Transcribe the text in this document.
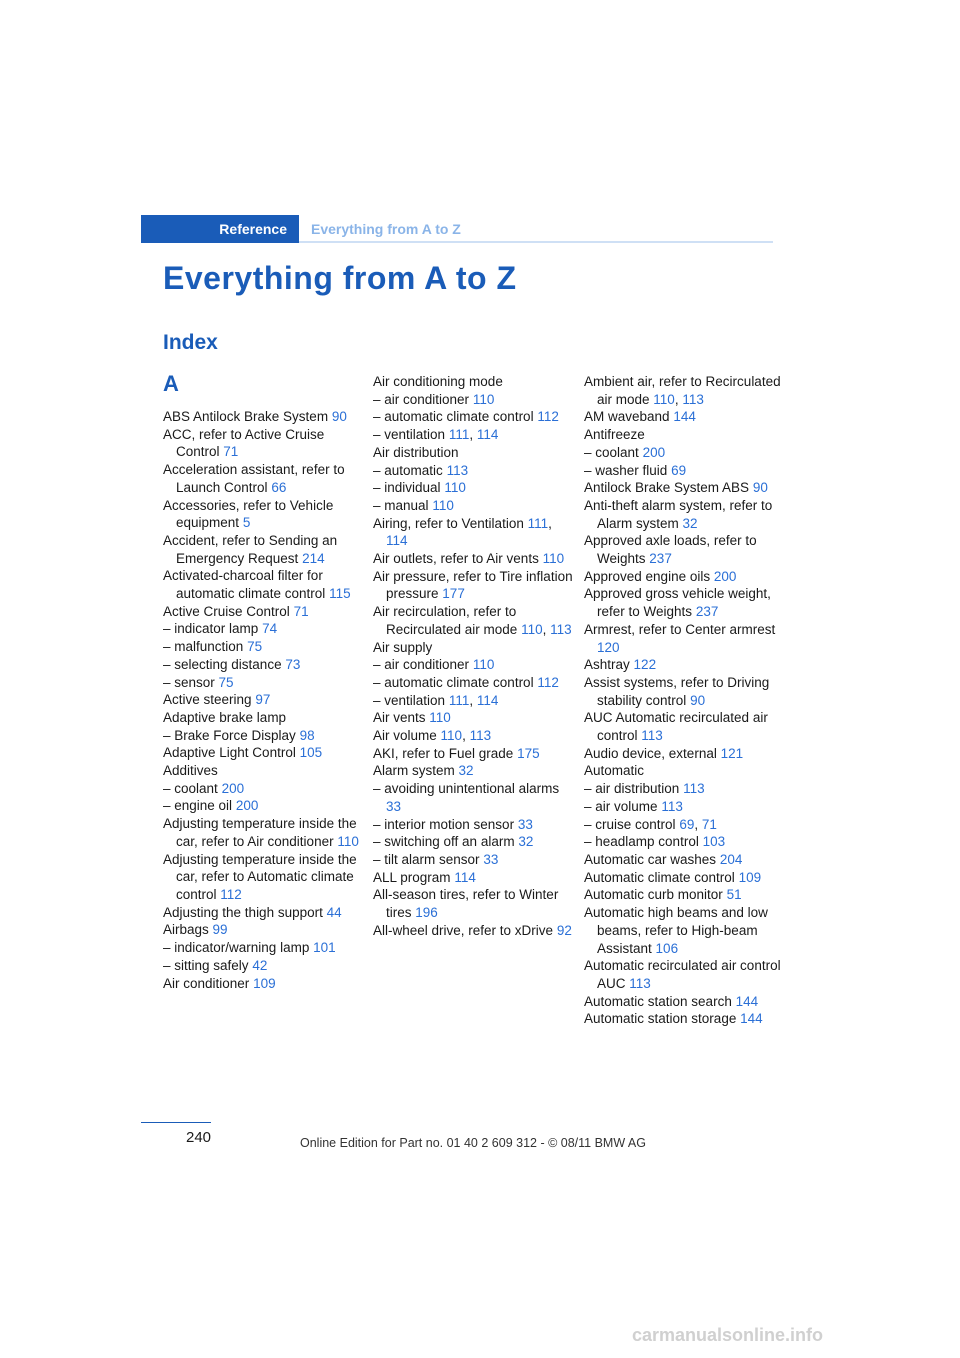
Reference	Everything from A to Z
Everything from A to Z
Index
A
ABS Antilock Brake System 90
ACC, refer to Active Cruise Control 71
Acceleration assistant, refer to Launch Control 66
Accessories, refer to Vehicle equipment 5
Accident, refer to Sending an Emergency Request 214
Activated-charcoal filter for automatic climate control 115
Active Cruise Control 71
– indicator lamp 74
– malfunction 75
– selecting distance 73
– sensor 75
Active steering 97
Adaptive brake lamp
– Brake Force Display 98
Adaptive Light Control 105
Additives
– coolant 200
– engine oil 200
Adjusting temperature inside the car, refer to Air conditioner 110
Adjusting temperature inside the car, refer to Automatic climate control 112
Adjusting the thigh support 44
Airbags 99
– indicator/warning lamp 101
– sitting safely 42
Air conditioner 109
Air conditioning mode
– air conditioner 110
– automatic climate control 112
– ventilation 111, 114
Air distribution
– automatic 113
– individual 110
– manual 110
Airing, refer to Ventilation 111, 114
Air outlets, refer to Air vents 110
Air pressure, refer to Tire inflation pressure 177
Air recirculation, refer to Recirculated air mode 110, 113
Air supply
– air conditioner 110
– automatic climate control 112
– ventilation 111, 114
Air vents 110
Air volume 110, 113
AKI, refer to Fuel grade 175
Alarm system 32
– avoiding unintentional alarms 33
– interior motion sensor 33
– switching off an alarm 32
– tilt alarm sensor 33
ALL program 114
All-season tires, refer to Winter tires 196
All-wheel drive, refer to xDrive 92
Ambient air, refer to Recirculated air mode 110, 113
AM waveband 144
Antifreeze
– coolant 200
– washer fluid 69
Antilock Brake System ABS 90
Anti-theft alarm system, refer to Alarm system 32
Approved axle loads, refer to Weights 237
Approved engine oils 200
Approved gross vehicle weight, refer to Weights 237
Armrest, refer to Center armrest 120
Ashtray 122
Assist systems, refer to Driving stability control 90
AUC Automatic recirculated air control 113
Audio device, external 121
Automatic
– air distribution 113
– air volume 113
– cruise control 69, 71
– headlamp control 103
Automatic car washes 204
Automatic climate control 109
Automatic curb monitor 51
Automatic high beams and low beams, refer to High-beam Assistant 106
Automatic recirculated air control AUC 113
Automatic station search 144
Automatic station storage 144
240	Online Edition for Part no. 01 40 2 609 312 - © 08/11 BMW AG
carmanualsonline.info
